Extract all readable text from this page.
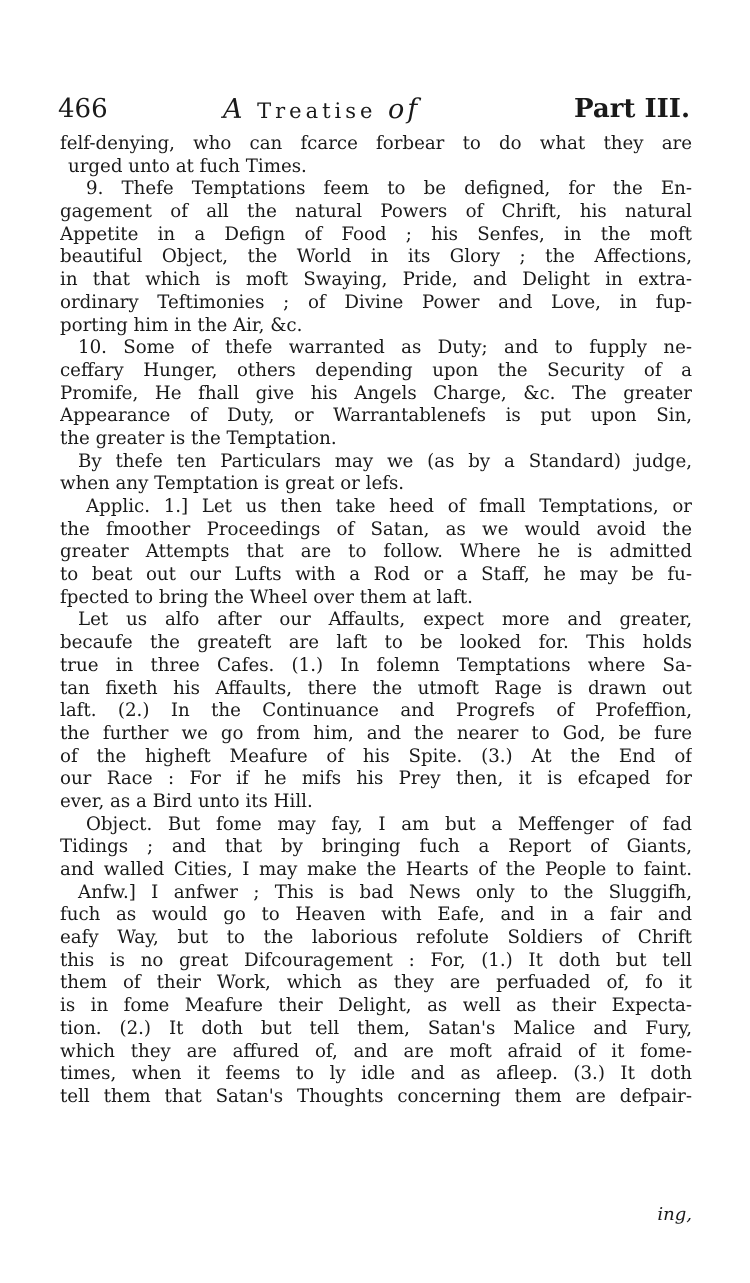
466	A Treatise of	Part III.
felf-denying, who can fcarce forbear to do what they are
urged unto at fuch Times.
9. Thefe Temptations feem to be defigned, for the En-
gagement of all the natural Powers of Chrift, his natural
Appetite in a Defign of Food ; his Senfes, in the moft
beautiful Object, the World in its Glory ; the Affections,
in that which is moft Swaying, Pride, and Delight in extra-
ordinary Teftimonies ; of Divine Power and Love, in fup-
porting him in the Air, &c.
10. Some of thefe warranted as Duty; and to fupply ne-
ceffary Hunger, others depending upon the Security of a
Promife, He fhall give his Angels Charge, &c. The greater
Appearance of Duty, or Warrantablenefs is put upon Sin,
the greater is the Temptation.
By thefe ten Particulars may we (as by a Standard) judge,
when any Temptation is great or lefs.
Applic. 1.] Let us then take heed of fmall Temptations, or
the fmoother Proceedings of Satan, as we would avoid the
greater Attempts that are to follow. Where he is admitted
to beat out our Lufts with a Rod or a Staff, he may be fu-
fpected to bring the Wheel over them at laft.
Let us alfo after our Affaults, expect more and greater,
becaufe the greateft are laft to be looked for. This holds
true in three Cafes. (1.) In folemn Temptations where Sa-
tan fixeth his Affaults, there the utmoft Rage is drawn out
laft. (2.) In the Continuance and Progrefs of Profeffion,
the further we go from him, and the nearer to God, be fure
of the higheft Meafure of his Spite. (3.) At the End of
our Race : For if he mifs his Prey then, it is efcaped for
ever, as a Bird unto its Hill.
Object. But fome may fay, I am but a Meffenger of fad
Tidings ; and that by bringing fuch a Report of Giants,
and walled Cities, I may make the Hearts of the People to faint.
Anfw.] I anfwer ; This is bad News only to the Sluggifh,
fuch as would go to Heaven with Eafe, and in a fair and
eafy Way, but to the laborious refolute Soldiers of Chrift
this is no great Difcouragement : For, (1.) It doth but tell
them of their Work, which as they are perfuaded of, fo it
is in fome Meafure their Delight, as well as their Expecta-
tion. (2.) It doth but tell them, Satan's Malice and Fury,
which they are affured of, and are moft afraid of it fome-
times, when it feems to ly idle and as afleep. (3.) It doth
tell them that Satan's Thoughts concerning them are defpair-
ing,
